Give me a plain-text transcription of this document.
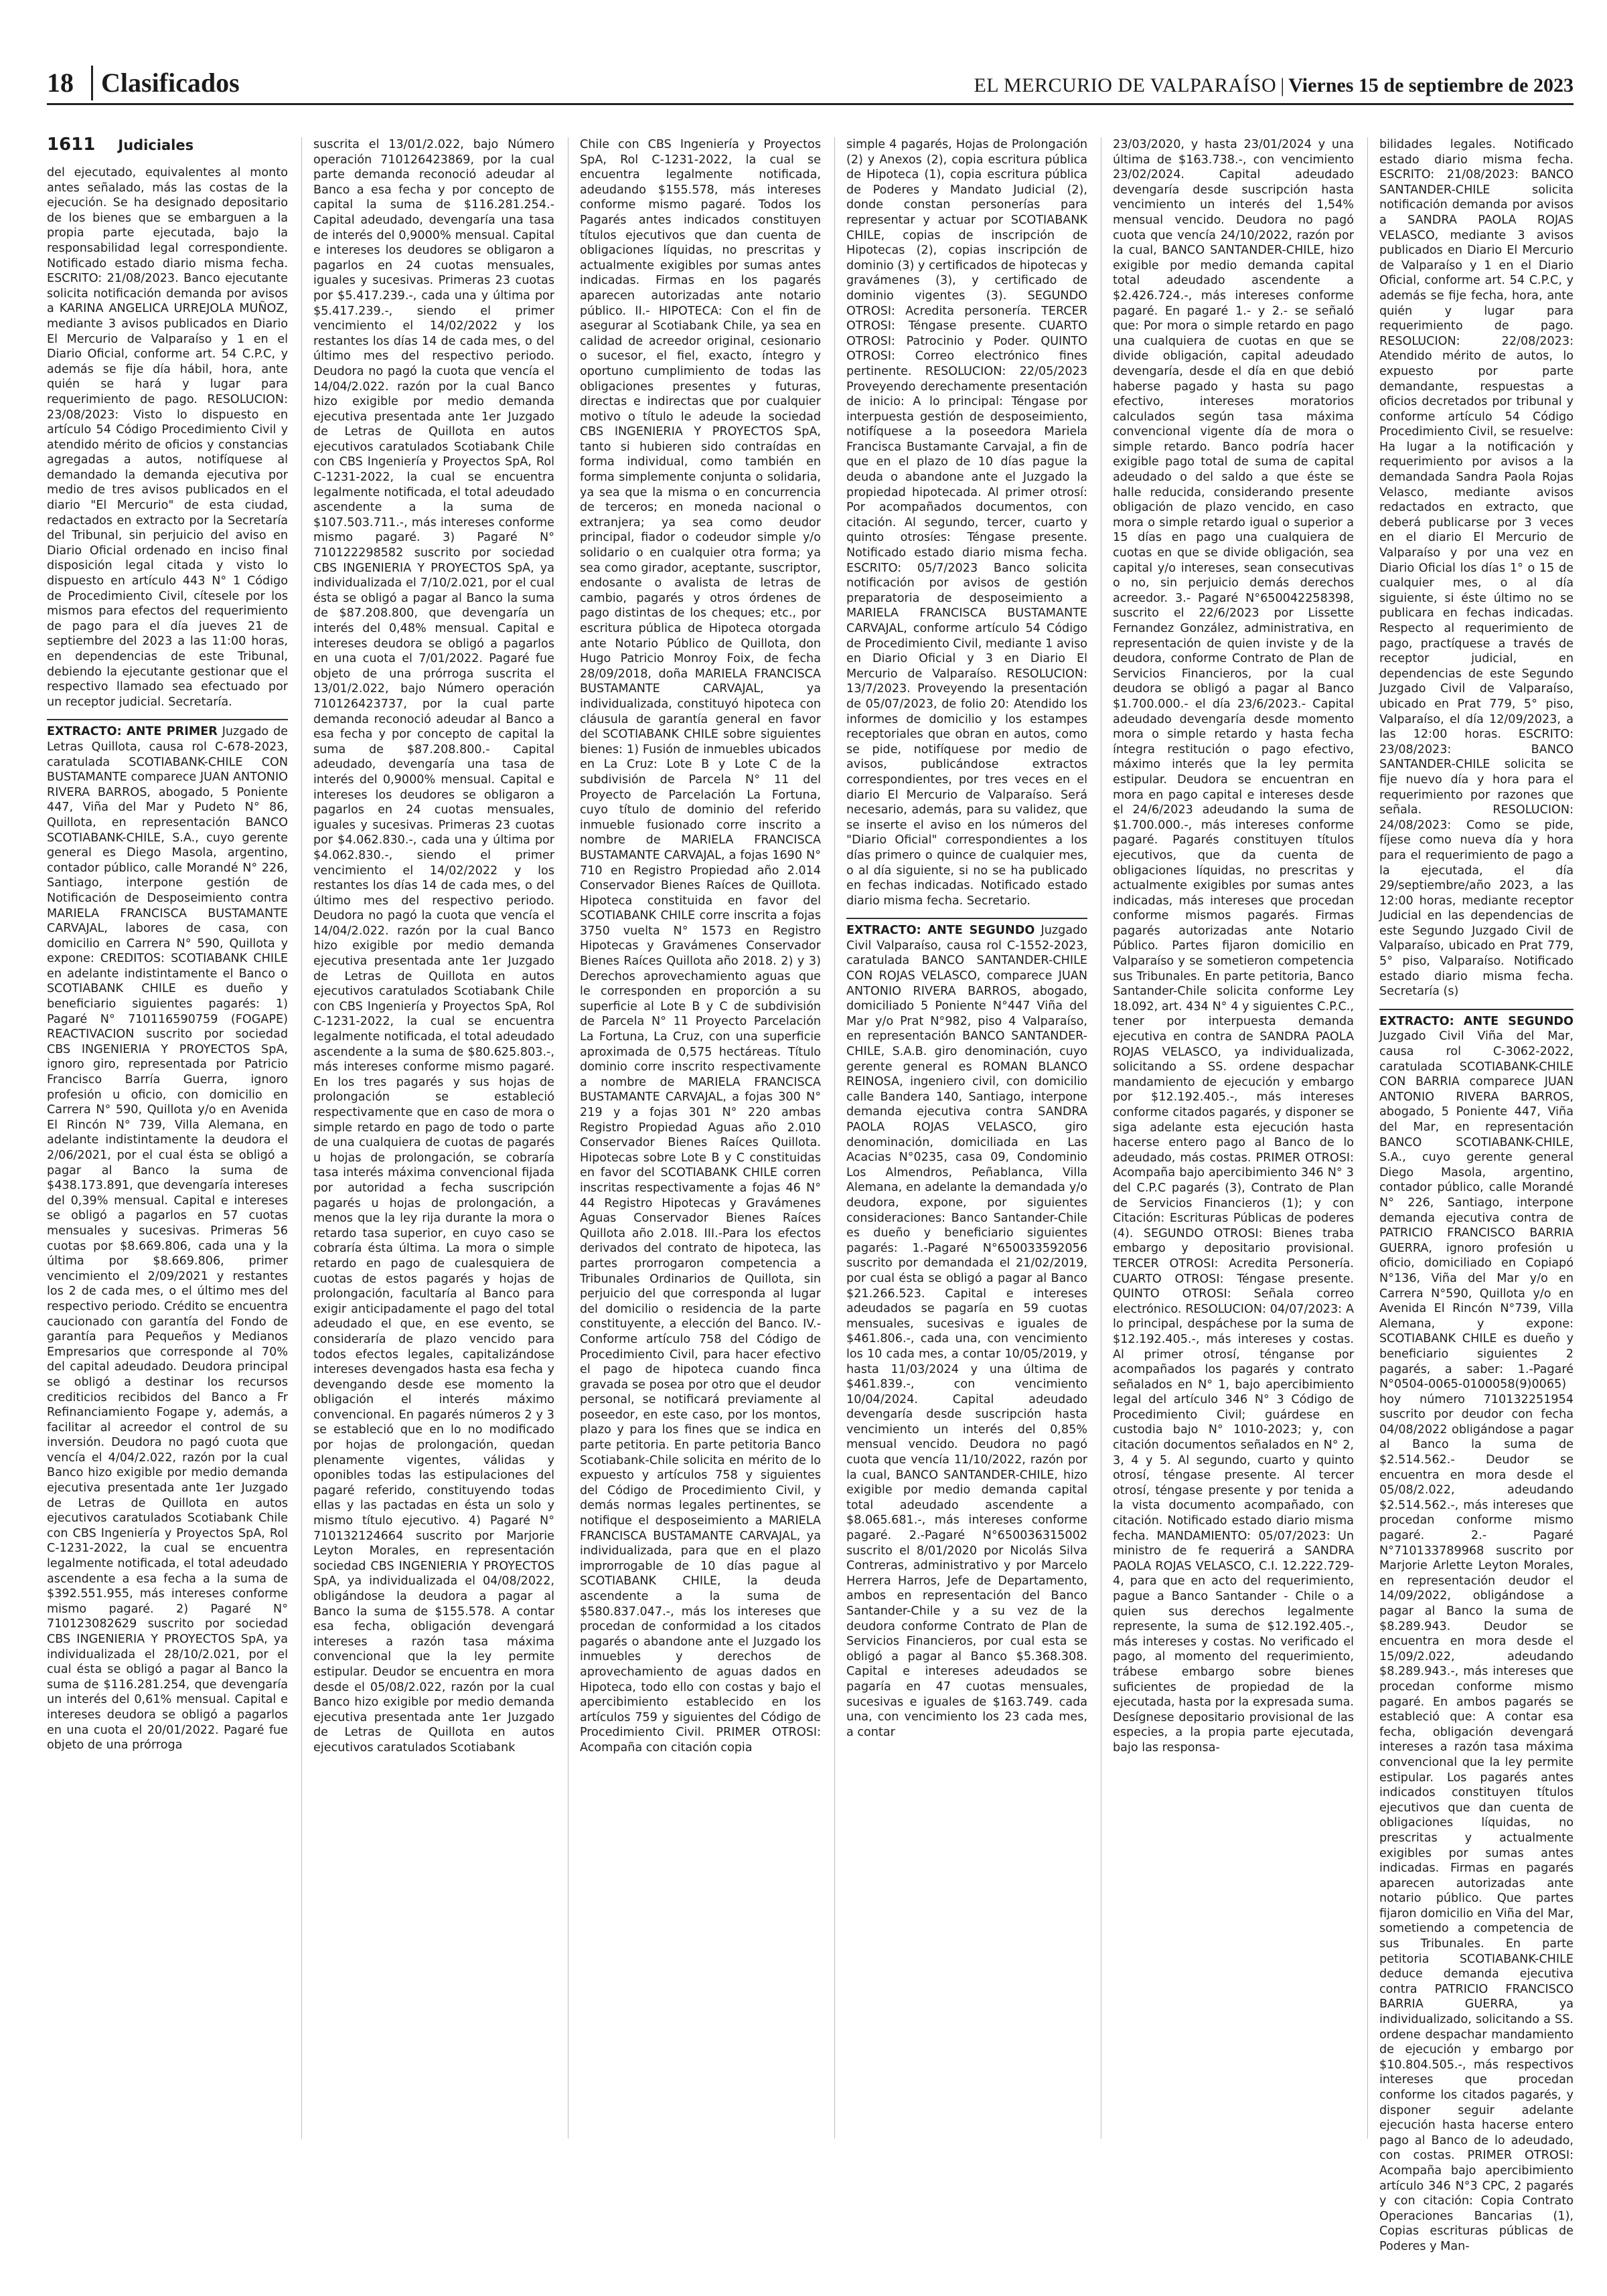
18	Clasificados	EL MERCURIO DE VALPARAÍSO | Viernes 15 de septiembre de 2023
1611 Judiciales

del ejecutado, equivalentes al monto antes señalado, más las costas de la ejecución. Se ha designado depositario de los bienes que se embarguen a la propia parte ejecutada, bajo la responsabilidad legal correspondiente. Notificado estado diario misma fecha. ESCRITO: 21/08/2023. Banco ejecutante solicita notificación demanda por avisos a KARINA ANGELICA URREJOLA MUÑOZ, mediante 3 avisos publicados en Diario El Mercurio de Valparaíso y 1 en el Diario Oficial, conforme art. 54 C.P.C, y además se fije día hábil, hora, ante quién se hará y lugar para requerimiento de pago. RESOLUCION: 23/08/2023: Visto lo dispuesto en artículo 54 Código Procedimiento Civil y atendido mérito de oficios y constancias agregadas a autos, notifíquese al demandado la demanda ejecutiva por medio de tres avisos publicados en el diario "El Mercurio" de esta ciudad, redactados en extracto por la Secretaría del Tribunal, sin perjuicio del aviso en Diario Oficial ordenado en inciso final disposición legal citada y visto lo dispuesto en artículo 443 N° 1 Código de Procedimiento Civil, cítesele por los mismos para efectos del requerimiento de pago para el día jueves 21 de septiembre del 2023 a las 11:00 horas, en dependencias de este Tribunal, debiendo la ejecutante gestionar que el respectivo llamado sea efectuado por un receptor judicial. Secretaría.

EXTRACTO: ANTE PRIMER Juzgado de Letras Quillota, causa rol C-678-2023, caratulada SCOTIABANK-CHILE CON BUSTAMANTE comparece JUAN ANTONIO RIVERA BARROS, abogado, 5 Poniente 447, Viña del Mar y Pudeto N° 86, Quillota, en representación BANCO SCOTIABANK-CHILE, S.A., cuyo gerente general es Diego Masola, argentino, contador público, calle Morandé N° 226, Santiago, interpone gestión de Notificación de Desposeimiento contra MARIELA FRANCISCA BUSTAMANTE CARVAJAL, labores de casa, con domicilio en Carrera N° 590, Quillota y expone: CREDITOS: SCOTIABANK CHILE en adelante indistintamente el Banco o SCOTIABANK CHILE es dueño y beneficiario siguientes pagarés: 1) Pagaré N° 710116590759 (FOGAPE) REACTIVACION suscrito por sociedad CBS INGENIERIA Y PROYECTOS SpA, ignoro giro, representada por Patricio Francisco Barría Guerra, ignoro profesión u oficio, con domicilio en Carrera N° 590, Quillota y/o en Avenida El Rincón N° 739, Villa Alemana, en adelante indistintamente la deudora el 2/06/2021, por el cual ésta se obligó a pagar al Banco la suma de $438.173.891, que devengaría intereses del 0,39% mensual. Capital e intereses se obligó a pagarlos en 57 cuotas mensuales y sucesivas. Primeras 56 cuotas por $8.669.806, cada una y la última por $8.669.806, primer vencimiento el 2/09/2021 y restantes los 2 de cada mes, o el último mes del respectivo periodo. Crédito se encuentra caucionado con garantía del Fondo de garantía para Pequeños y Medianos Empresarios que corresponde al 70% del capital adeudado. Deudora principal se obligó a destinar los recursos crediticios recibidos del Banco a Fr Refinanciamiento Fogape y, además, a facilitar al acreedor el control de su inversión. Deudora no pagó cuota que vencía el 4/04/2.022, razón por la cual Banco hizo exigible por medio demanda ejecutiva presentada ante 1er Juzgado de Letras de Quillota en autos ejecutivos caratulados Scotiabank Chile con CBS Ingeniería y Proyectos SpA, Rol C-1231-2022, la cual se encuentra legalmente notificada, el total adeudado ascendente a esa fecha a la suma de $392.551.955, más intereses conforme mismo pagaré. 2) Pagaré N° 710123082629 suscrito por sociedad CBS INGENIERIA Y PROYECTOS SpA, ya individualizada el 28/10/2.021, por el cual ésta se obligó a pagar al Banco la suma de $116.281.254, que devengaría un interés del 0,61% mensual. Capital e intereses deudora se obligó a pagarlos en una cuota el 20/01/2022. Pagaré fue objeto de una prórroga

suscrita el 13/01/2.022, bajo Número operación 710126423869, por la cual parte demanda reconoció adeudar al Banco a esa fecha y por concepto de capital la suma de $116.281.254.- Capital adeudado, devengaría una tasa de interés del 0,9000% mensual. Capital e intereses los deudores se obligaron a pagarlos en 24 cuotas mensuales, iguales y sucesivas. Primeras 23 cuotas por $5.417.239.-, cada una y última por $5.417.239.-, siendo el primer vencimiento el 14/02/2022 y los restantes los días 14 de cada mes, o del último mes del respectivo periodo. Deudora no pagó la cuota que vencía el 14/04/2.022. razón por la cual Banco hizo exigible por medio demanda ejecutiva presentada ante 1er Juzgado de Letras de Quillota en autos ejecutivos caratulados Scotiabank Chile con CBS Ingeniería y Proyectos SpA, Rol C-1231-2022, la cual se encuentra legalmente notificada, el total adeudado ascendente a la suma de $107.503.711.-, más intereses conforme mismo pagaré. 3) Pagaré N° 710122298582 suscrito por sociedad CBS INGENIERIA Y PROYECTOS SpA, ya individualizada el 7/10/2.021, por el cual ésta se obligó a pagar al Banco la suma de $87.208.800, que devengaría un interés del 0,48% mensual. Capital e intereses deudora se obligó a pagarlos en una cuota el 7/01/2022. Pagaré fue objeto de una prórroga suscrita el 13/01/2.022, bajo Número operación 710126423737, por la cual parte demanda reconoció adeudar al Banco a esa fecha y por concepto de capital la suma de $87.208.800.- Capital adeudado, devengaría una tasa de interés del 0,9000% mensual. Capital e intereses los deudores se obligaron a pagarlos en 24 cuotas mensuales, iguales y sucesivas. Primeras 23 cuotas por $4.062.830.-, cada una y última por $4.062.830.-, siendo el primer vencimiento el 14/02/2022 y los restantes los días 14 de cada mes, o del último mes del respectivo periodo. Deudora no pagó la cuota que vencía el 14/04/2.022. razón por la cual Banco hizo exigible por medio demanda ejecutiva presentada ante 1er Juzgado de Letras de Quillota en autos ejecutivos caratulados Scotiabank Chile con CBS Ingeniería y Proyectos SpA, Rol C-1231-2022, la cual se encuentra legalmente notificada, el total adeudado ascendente a la suma de $80.625.803.-, más intereses conforme mismo pagaré. En los tres pagarés y sus hojas de prolongación se estableció respectivamente que en caso de mora o simple retardo en pago de todo o parte de una cualquiera de cuotas de pagarés u hojas de prolongación, se cobraría tasa interés máxima convencional fijada por autoridad a fecha suscripción pagarés u hojas de prolongación, a menos que la ley rija durante la mora o retardo tasa superior, en cuyo caso se cobraría ésta última. La mora o simple retardo en pago de cualesquiera de cuotas de estos pagarés y hojas de prolongación, facultaría al Banco para exigir anticipadamente el pago del total adeudado el que, en ese evento, se consideraría de plazo vencido para todos efectos legales, capitalizándose intereses devengados hasta esa fecha y devengando desde ese momento la obligación el interés máximo convencional. En pagarés números 2 y 3 se estableció que en lo no modificado por hojas de prolongación, quedan plenamente vigentes, válidas y oponibles todas las estipulaciones del pagaré referido, constituyendo todas ellas y las pactadas en ésta un solo y mismo título ejecutivo. 4) Pagaré N° 710132124664 suscrito por Marjorie Leyton Morales, en representación sociedad CBS INGENIERIA Y PROYECTOS SpA, ya individualizada el 04/08/2022, obligándose la deudora a pagar al Banco la suma de $155.578. A contar esa fecha, obligación devengará intereses a razón tasa máxima convencional que la ley permite estipular. Deudor se encuentra en mora desde el 05/08/2.022, razón por la cual Banco hizo exigible por medio demanda ejecutiva presentada ante 1er Juzgado de Letras de Quillota en autos ejecutivos caratulados Scotiabank

Chile con CBS Ingeniería y Proyectos SpA, Rol C-1231-2022, la cual se encuentra legalmente notificada, adeudando $155.578, más intereses conforme mismo pagaré. Todos los Pagarés antes indicados constituyen títulos ejecutivos que dan cuenta de obligaciones líquidas, no prescritas y actualmente exigibles por sumas antes indicadas. Firmas en los pagarés aparecen autorizadas ante notario público. II.- HIPOTECA: Con el fin de asegurar al Scotiabank Chile, ya sea en calidad de acreedor original, cesionario o sucesor, el fiel, exacto, íntegro y oportuno cumplimiento de todas las obligaciones presentes y futuras, directas e indirectas que por cualquier motivo o título le adeude la sociedad CBS INGENIERIA Y PROYECTOS SpA, tanto si hubieren sido contraídas en forma individual, como también en forma simplemente conjunta o solidaria, ya sea que la misma o en concurrencia de terceros; en moneda nacional o extranjera; ya sea como deudor principal, fiador o codeudor simple y/o solidario o en cualquier otra forma; ya sea como girador, aceptante, suscriptor, endosante o avalista de letras de cambio, pagarés y otros órdenes de pago distintas de los cheques; etc., por escritura pública de Hipoteca otorgada ante Notario Público de Quillota, don Hugo Patricio Monroy Foix, de fecha 28/09/2018, doña MARIELA FRANCISCA BUSTAMANTE CARVAJAL, ya individualizada, constituyó hipoteca con cláusula de garantía general en favor del SCOTIABANK CHILE sobre siguientes bienes: 1) Fusión de inmuebles ubicados en La Cruz: Lote B y Lote C de la subdivisión de Parcela N° 11 del Proyecto de Parcelación La Fortuna, cuyo título de dominio del referido inmueble fusionado corre inscrito a nombre de MARIELA FRANCISCA BUSTAMANTE CARVAJAL, a fojas 1690 N° 710 en Registro Propiedad año 2.014 Conservador Bienes Raíces de Quillota. Hipoteca constituida en favor del SCOTIABANK CHILE corre inscrita a fojas 3750 vuelta N° 1573 en Registro Hipotecas y Gravámenes Conservador Bienes Raíces Quillota año 2018. 2) y 3) Derechos aprovechamiento aguas que le corresponden en proporción a su superficie al Lote B y C de subdivisión de Parcela N° 11 Proyecto Parcelación La Fortuna, La Cruz, con una superficie aproximada de 0,575 hectáreas. Título dominio corre inscrito respectivamente a nombre de MARIELA FRANCISCA BUSTAMANTE CARVAJAL, a fojas 300 N° 219 y a fojas 301 N° 220 ambas Registro Propiedad Aguas año 2.010 Conservador Bienes Raíces Quillota. Hipotecas sobre Lote B y C constituidas en favor del SCOTIABANK CHILE corren inscritas respectivamente a fojas 46 N° 44 Registro Hipotecas y Gravámenes Aguas Conservador Bienes Raíces Quillota año 2.018. III.-Para los efectos derivados del contrato de hipoteca, las partes prorrogaron competencia a Tribunales Ordinarios de Quillota, sin perjuicio del que corresponda al lugar del domicilio o residencia de la parte constituyente, a elección del Banco. IV.- Conforme artículo 758 del Código de Procedimiento Civil, para hacer efectivo el pago de hipoteca cuando finca gravada se posea por otro que el deudor personal, se notificará previamente al poseedor, en este caso, por los montos, plazo y para los fines que se indica en parte petitoria. En parte petitoria Banco Scotiabank-Chile solicita en mérito de lo expuesto y artículos 758 y siguientes del Código de Procedimiento Civil, y demás normas legales pertinentes, se notifique el desposeimiento a MARIELA FRANCISCA BUSTAMANTE CARVAJAL, ya individualizada, para que en el plazo improrrogable de 10 días pague al SCOTIABANK CHILE, la deuda ascendente a la suma de $580.837.047.-, más los intereses que procedan de conformidad a los citados pagarés o abandone ante el Juzgado los inmuebles y derechos de aprovechamiento de aguas dados en Hipoteca, todo ello con costas y bajo el apercibimiento establecido en los artículos 759 y siguientes del Código de Procedimiento Civil. PRIMER OTROSI: Acompaña con citación copia

simple 4 pagarés, Hojas de Prolongación (2) y Anexos (2), copia escritura pública de Hipoteca (1), copia escritura pública de Poderes y Mandato Judicial (2), donde constan personerías para representar y actuar por SCOTIABANK CHILE, copias de inscripción de Hipotecas (2), copias inscripción de dominio (3) y certificados de hipotecas y gravámenes (3), y certificado de dominio vigentes (3). SEGUNDO OTROSI: Acredita personería. TERCER OTROSI: Téngase presente. CUARTO OTROSI: Patrocinio y Poder. QUINTO OTROSI: Correo electrónico fines pertinente. RESOLUCION: 22/05/2023 Proveyendo derechamente presentación de inicio: A lo principal: Téngase por interpuesta gestión de desposeimiento, notifíquese a la poseedora Mariela Francisca Bustamante Carvajal, a fin de que en el plazo de 10 días pague la deuda o abandone ante el Juzgado la propiedad hipotecada. Al primer otrosí: Por acompañados documentos, con citación. Al segundo, tercer, cuarto y quinto otrosíes: Téngase presente. Notificado estado diario misma fecha. ESCRITO: 05/7/2023 Banco solicita notificación por avisos de gestión preparatoria de desposeimiento a MARIELA FRANCISCA BUSTAMANTE CARVAJAL, conforme artículo 54 Código de Procedimiento Civil, mediante 1 aviso en Diario Oficial y 3 en Diario El Mercurio de Valparaíso. RESOLUCION: 13/7/2023. Proveyendo la presentación de 05/07/2023, de folio 20: Atendido los informes de domicilio y los estampes receptoriales que obran en autos, como se pide, notifíquese por medio de avisos, publicándose extractos correspondientes, por tres veces en el diario El Mercurio de Valparaíso. Será necesario, además, para su validez, que se inserte el aviso en los números del "Diario Oficial" correspondientes a los días primero o quince de cualquier mes, o al día siguiente, si no se ha publicado en fechas indicadas. Notificado estado diario misma fecha. Secretario.

EXTRACTO: ANTE SEGUNDO Juzgado Civil Valparaíso, causa rol C-1552-2023, caratulada BANCO SANTANDER-CHILE CON ROJAS VELASCO, comparece JUAN ANTONIO RIVERA BARROS, abogado, domiciliado 5 Poniente N°447 Viña del Mar y/o Prat N°982, piso 4 Valparaíso, en representación BANCO SANTANDER-CHILE, S.A.B. giro denominación, cuyo gerente general es ROMAN BLANCO REINOSA, ingeniero civil, con domicilio calle Bandera 140, Santiago, interpone demanda ejecutiva contra SANDRA PAOLA ROJAS VELASCO, giro denominación, domiciliada en Las Acacias N°0235, casa 09, Condominio Los Almendros, Peñablanca, Villa Alemana, en adelante la demandada y/o deudora, expone, por siguientes consideraciones: Banco Santander-Chile es dueño y beneficiario siguientes pagarés: 1.-Pagaré N°650033592056 suscrito por demandada el 21/02/2019, por cual ésta se obligó a pagar al Banco $21.266.523. Capital e intereses adeudados se pagaría en 59 cuotas mensuales, sucesivas e iguales de $461.806.-, cada una, con vencimiento los 10 cada mes, a contar 10/05/2019, y hasta 11/03/2024 y una última de $461.839.-, con vencimiento 10/04/2024. Capital adeudado devengaría desde suscripción hasta vencimiento un interés del 0,85% mensual vencido. Deudora no pagó cuota que vencía 11/10/2022, razón por la cual, BANCO SANTANDER-CHILE, hizo exigible por medio demanda capital total adeudado ascendente a $8.065.681.-, más intereses conforme pagaré. 2.-Pagaré N°650036315002 suscrito el 8/01/2020 por Nicolás Silva Contreras, administrativo y por Marcelo Herrera Harros, Jefe de Departamento, ambos en representación del Banco Santander-Chile y a su vez de la deudora conforme Contrato de Plan de Servicios Financieros, por cual esta se obligó a pagar al Banco $5.368.308. Capital e intereses adeudados se pagaría en 47 cuotas mensuales, sucesivas e iguales de $163.749. cada una, con vencimiento los 23 cada mes, a contar

23/03/2020, y hasta 23/01/2024 y una última de $163.738.-, con vencimiento 23/02/2024. Capital adeudado devengaría desde suscripción hasta vencimiento un interés del 1,54% mensual vencido. Deudora no pagó cuota que vencía 24/10/2022, razón por la cual, BANCO SANTANDER-CHILE, hizo exigible por medio demanda capital total adeudado ascendente a $2.426.724.-, más intereses conforme pagaré. En pagaré 1.- y 2.- se señaló que: Por mora o simple retardo en pago una cualquiera de cuotas en que se divide obligación, capital adeudado devengaría, desde el día en que debió haberse pagado y hasta su pago efectivo, intereses moratorios calculados según tasa máxima convencional vigente día de mora o simple retardo. Banco podría hacer exigible pago total de suma de capital adeudado o del saldo a que éste se halle reducida, considerando presente obligación de plazo vencido, en caso mora o simple retardo igual o superior a 15 días en pago una cualquiera de cuotas en que se divide obligación, sea capital y/o intereses, sean consecutivas o no, sin perjuicio demás derechos acreedor. 3.- Pagaré N°650042258398, suscrito el 22/6/2023 por Lissette Fernandez González, administrativa, en representación de quien inviste y de la deudora, conforme Contrato de Plan de Servicios Financieros, por la cual deudora se obligó a pagar al Banco $1.700.000.- el día 23/6/2023.- Capital adeudado devengaría desde momento mora o simple retardo y hasta fecha íntegra restitución o pago efectivo, máximo interés que la ley permita estipular. Deudora se encuentran en mora en pago capital e intereses desde el 24/6/2023 adeudando la suma de $1.700.000.-, más intereses conforme pagaré. Pagarés constituyen títulos ejecutivos, que da cuenta de obligaciones líquidas, no prescritas y actualmente exigibles por sumas antes indicadas, más intereses que procedan conforme mismos pagarés. Firmas pagarés autorizadas ante Notario Público. Partes fijaron domicilio en Valparaíso y se sometieron competencia sus Tribunales. En parte petitoria, Banco Santander-Chile solicita conforme Ley 18.092, art. 434 N° 4 y siguientes C.P.C., tener por interpuesta demanda ejecutiva en contra de SANDRA PAOLA ROJAS VELASCO, ya individualizada, solicitando a SS. ordene despachar mandamiento de ejecución y embargo por $12.192.405.-, más intereses conforme citados pagarés, y disponer se siga adelante esta ejecución hasta hacerse entero pago al Banco de lo adeudado, más costas. PRIMER OTROSI: Acompaña bajo apercibimiento 346 N° 3 del C.P.C pagarés (3), Contrato de Plan de Servicios Financieros (1); y con Citación: Escrituras Públicas de poderes (4). SEGUNDO OTROSI: Bienes traba embargo y depositario provisional. TERCER OTROSI: Acredita Personería. CUARTO OTROSI: Téngase presente. QUINTO OTROSI: Señala correo electrónico. RESOLUCION: 04/07/2023: A lo principal, despáchese por la suma de $12.192.405.-, más intereses y costas. Al primer otrosí, ténganse por acompañados los pagarés y contrato señalados en N° 1, bajo apercibimiento legal del artículo 346 N° 3 Código de Procedimiento Civil; guárdese en custodia bajo N° 1010-2023; y, con citación documentos señalados en N° 2, 3, 4 y 5. Al segundo, cuarto y quinto otrosí, téngase presente. Al tercer otrosí, téngase presente y por tenida a la vista documento acompañado, con citación. Notificado estado diario misma fecha. MANDAMIENTO: 05/07/2023: Un ministro de fe requerirá a SANDRA PAOLA ROJAS VELASCO, C.I. 12.222.729-4, para que en acto del requerimiento, pague a Banco Santander - Chile o a quien sus derechos legalmente represente, la suma de $12.192.405.-, más intereses y costas. No verificado el pago, al momento del requerimiento, trábese embargo sobre bienes suficientes de propiedad de la ejecutada, hasta por la expresada suma. Desígnese depositario provisional de las especies, a la propia parte ejecutada, bajo las responsa-

bilidades legales. Notificado estado diario misma fecha. ESCRITO: 21/08/2023: BANCO SANTANDER-CHILE solicita notificación demanda por avisos a SANDRA PAOLA ROJAS VELASCO, mediante 3 avisos publicados en Diario El Mercurio de Valparaíso y 1 en el Diario Oficial, conforme art. 54 C.P.C, y además se fije fecha, hora, ante quién y lugar para requerimiento de pago. RESOLUCION: 22/08/2023: Atendido mérito de autos, lo expuesto por parte demandante, respuestas a oficios decretados por tribunal y conforme artículo 54 Código Procedimiento Civil, se resuelve: Ha lugar a la notificación y requerimiento por avisos a la demandada Sandra Paola Rojas Velasco, mediante avisos redactados en extracto, que deberá publicarse por 3 veces en el diario El Mercurio de Valparaíso y por una vez en Diario Oficial los días 1° o 15 de cualquier mes, o al día siguiente, si éste último no se publicara en fechas indicadas. Respecto al requerimiento de pago, practíquese a través de receptor judicial, en dependencias de este Segundo Juzgado Civil de Valparaíso, ubicado en Prat 779, 5° piso, Valparaíso, el día 12/09/2023, a las 12:00 horas. ESCRITO: 23/08/2023: BANCO SANTANDER-CHILE solicita se fije nuevo día y hora para el requerimiento por razones que señala. RESOLUCION: 24/08/2023: Como se pide, fíjese como nueva día y hora para el requerimiento de pago a la ejecutada, el día 29/septiembre/año 2023, a las 12:00 horas, mediante receptor Judicial en las dependencias de este Segundo Juzgado Civil de Valparaíso, ubicado en Prat 779, 5° piso, Valparaíso. Notificado estado diario misma fecha. Secretaría (s)

EXTRACTO: ANTE SEGUNDO Juzgado Civil Viña del Mar, causa rol C-3062-2022, caratulada SCOTIABANK-CHILE CON BARRIA comparece JUAN ANTONIO RIVERA BARROS, abogado, 5 Poniente 447, Viña del Mar, en representación BANCO SCOTIABANK-CHILE, S.A., cuyo gerente general Diego Masola, argentino, contador público, calle Morandé N° 226, Santiago, interpone demanda ejecutiva contra de PATRICIO FRANCISCO BARRIA GUERRA, ignoro profesión u oficio, domiciliado en Copiapó N°136, Viña del Mar y/o en Carrera N°590, Quillota y/o en Avenida El Rincón N°739, Villa Alemana, y expone: SCOTIABANK CHILE es dueño y beneficiario siguientes 2 pagarés, a saber: 1.-Pagaré N°0504-0065-0100058(9)0065) hoy número 710132251954 suscrito por deudor con fecha 04/08/2022 obligándose a pagar al Banco la suma de $2.514.562.- Deudor se encuentra en mora desde el 05/08/2.022, adeudando $2.514.562.-, más intereses que procedan conforme mismo pagaré. 2.- Pagaré N°710133789968 suscrito por Marjorie Arlette Leyton Morales, en representación deudor el 14/09/2022, obligándose a pagar al Banco la suma de $8.289.943. Deudor se encuentra en mora desde el 15/09/2.022, adeudando $8.289.943.-, más intereses que procedan conforme mismo pagaré. En ambos pagarés se estableció que: A contar esa fecha, obligación devengará intereses a razón tasa máxima convencional que la ley permite estipular. Los pagarés antes indicados constituyen títulos ejecutivos que dan cuenta de obligaciones líquidas, no prescritas y actualmente exigibles por sumas antes indicadas. Firmas en pagarés aparecen autorizadas ante notario público. Que partes fijaron domicilio en Viña del Mar, sometiendo a competencia de sus Tribunales. En parte petitoria SCOTIABANK-CHILE deduce demanda ejecutiva contra PATRICIO FRANCISCO BARRIA GUERRA, ya individualizado, solicitando a SS. ordene despachar mandamiento de ejecución y embargo por $10.804.505.-, más respectivos intereses que procedan conforme los citados pagarés, y disponer seguir adelante ejecución hasta hacerse entero pago al Banco de lo adeudado, con costas. PRIMER OTROSI: Acompaña bajo apercibimiento artículo 346 N°3 CPC, 2 pagarés y con citación: Copia Contrato Operaciones Bancarias (1), Copias escrituras públicas de Poderes y Man-
